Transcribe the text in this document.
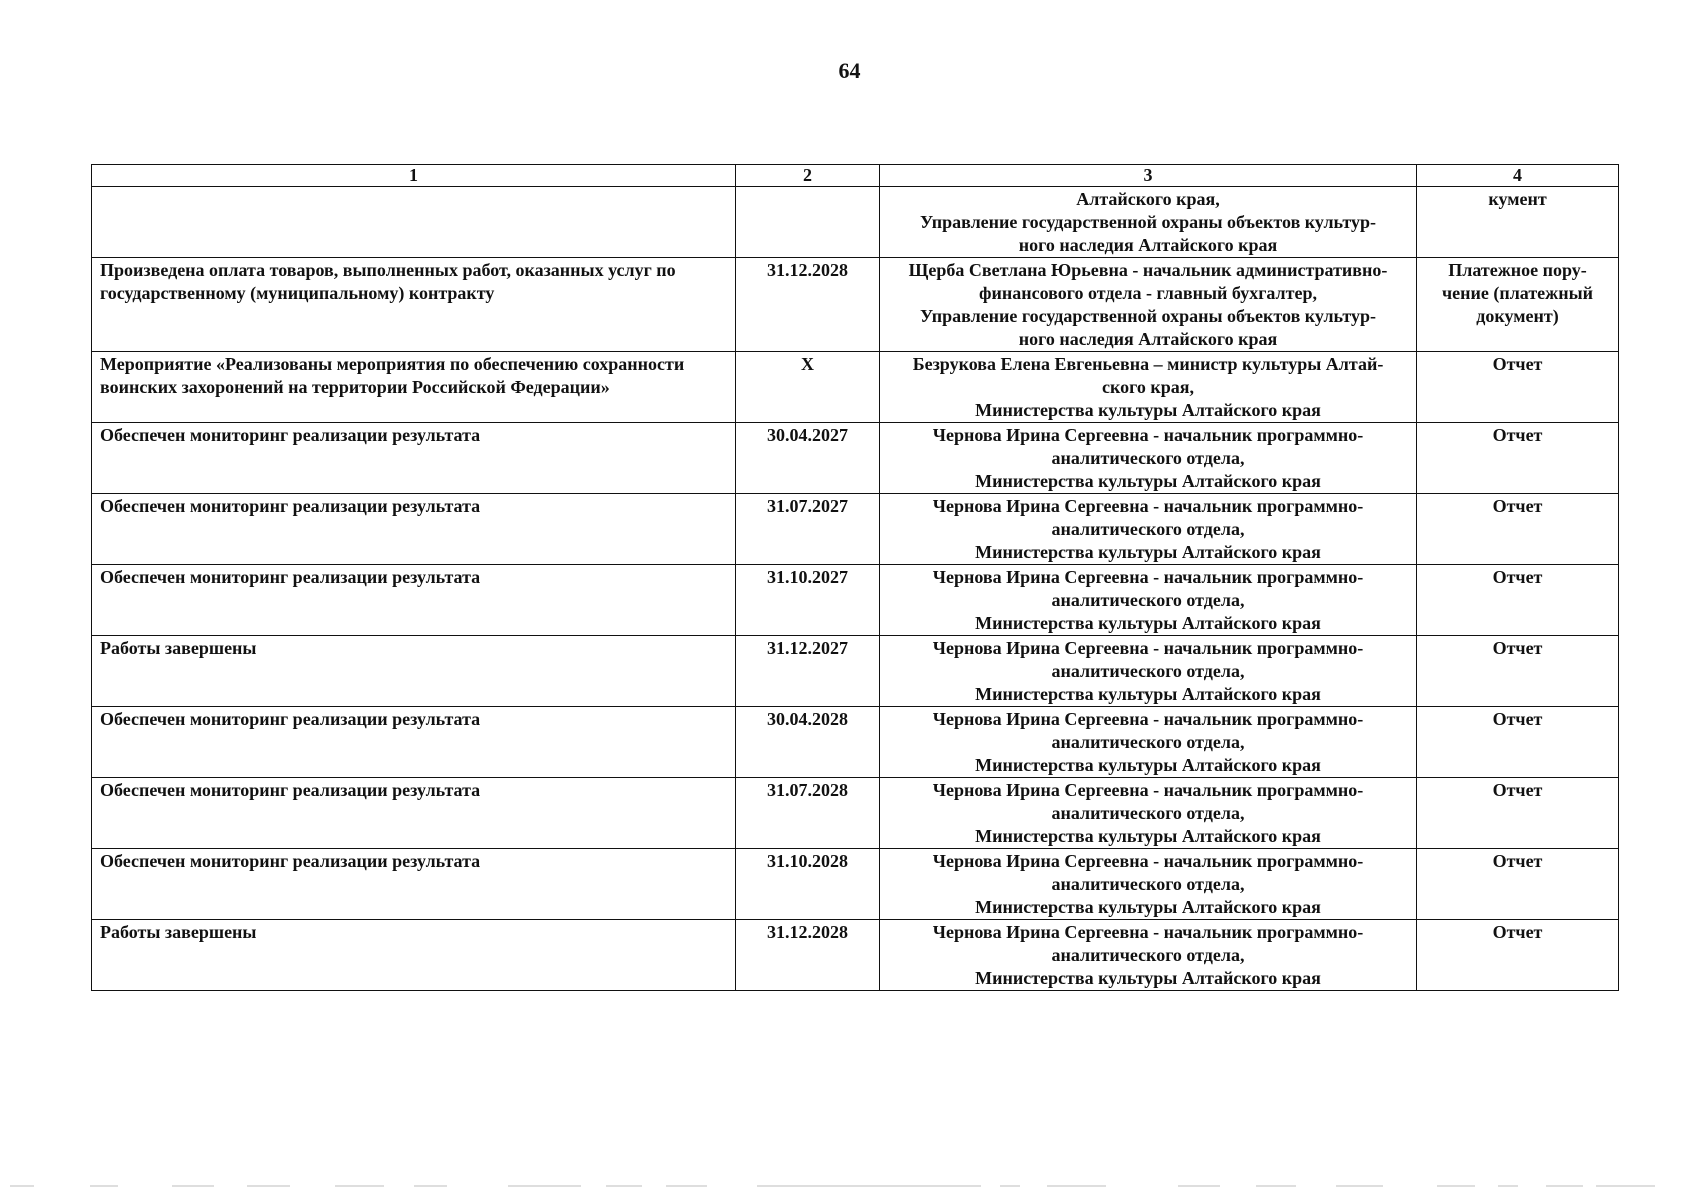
64
1	2	3	4

		Алтайского края,
Управление государственной охраны объектов культур-
ного наследия Алтайского края	кумент

Произведена оплата товаров, выполненных работ, оказанных услуг по
государственному (муниципальному) контракту	31.12.2028	Щерба Светлана Юрьевна - начальник административно-
финансового отдела - главный бухгалтер,
Управление государственной охраны объектов культур-
ного наследия Алтайского края	Платежное пору-
чение (платежный
документ)

Мероприятие «Реализованы мероприятия по обеспечению сохранности
воинских захоронений на территории Российской Федерации»	X	Безрукова Елена Евгеньевна – министр культуры Алтай-
ского края,
Министерства культуры Алтайского края	Отчет

Обеспечен мониторинг реализации результата	30.04.2027	Чернова Ирина Сергеевна - начальник программно-
аналитического отдела,
Министерства культуры Алтайского края	Отчет

Обеспечен мониторинг реализации результата	31.07.2027	Чернова Ирина Сергеевна - начальник программно-
аналитического отдела,
Министерства культуры Алтайского края	Отчет

Обеспечен мониторинг реализации результата	31.10.2027	Чернова Ирина Сергеевна - начальник программно-
аналитического отдела,
Министерства культуры Алтайского края	Отчет

Работы завершены	31.12.2027	Чернова Ирина Сергеевна - начальник программно-
аналитического отдела,
Министерства культуры Алтайского края	Отчет

Обеспечен мониторинг реализации результата	30.04.2028	Чернова Ирина Сергеевна - начальник программно-
аналитического отдела,
Министерства культуры Алтайского края	Отчет

Обеспечен мониторинг реализации результата	31.07.2028	Чернова Ирина Сергеевна - начальник программно-
аналитического отдела,
Министерства культуры Алтайского края	Отчет

Обеспечен мониторинг реализации результата	31.10.2028	Чернова Ирина Сергеевна - начальник программно-
аналитического отдела,
Министерства культуры Алтайского края	Отчет

Работы завершены	31.12.2028	Чернова Ирина Сергеевна - начальник программно-
аналитического отдела,
Министерства культуры Алтайского края	Отчет
